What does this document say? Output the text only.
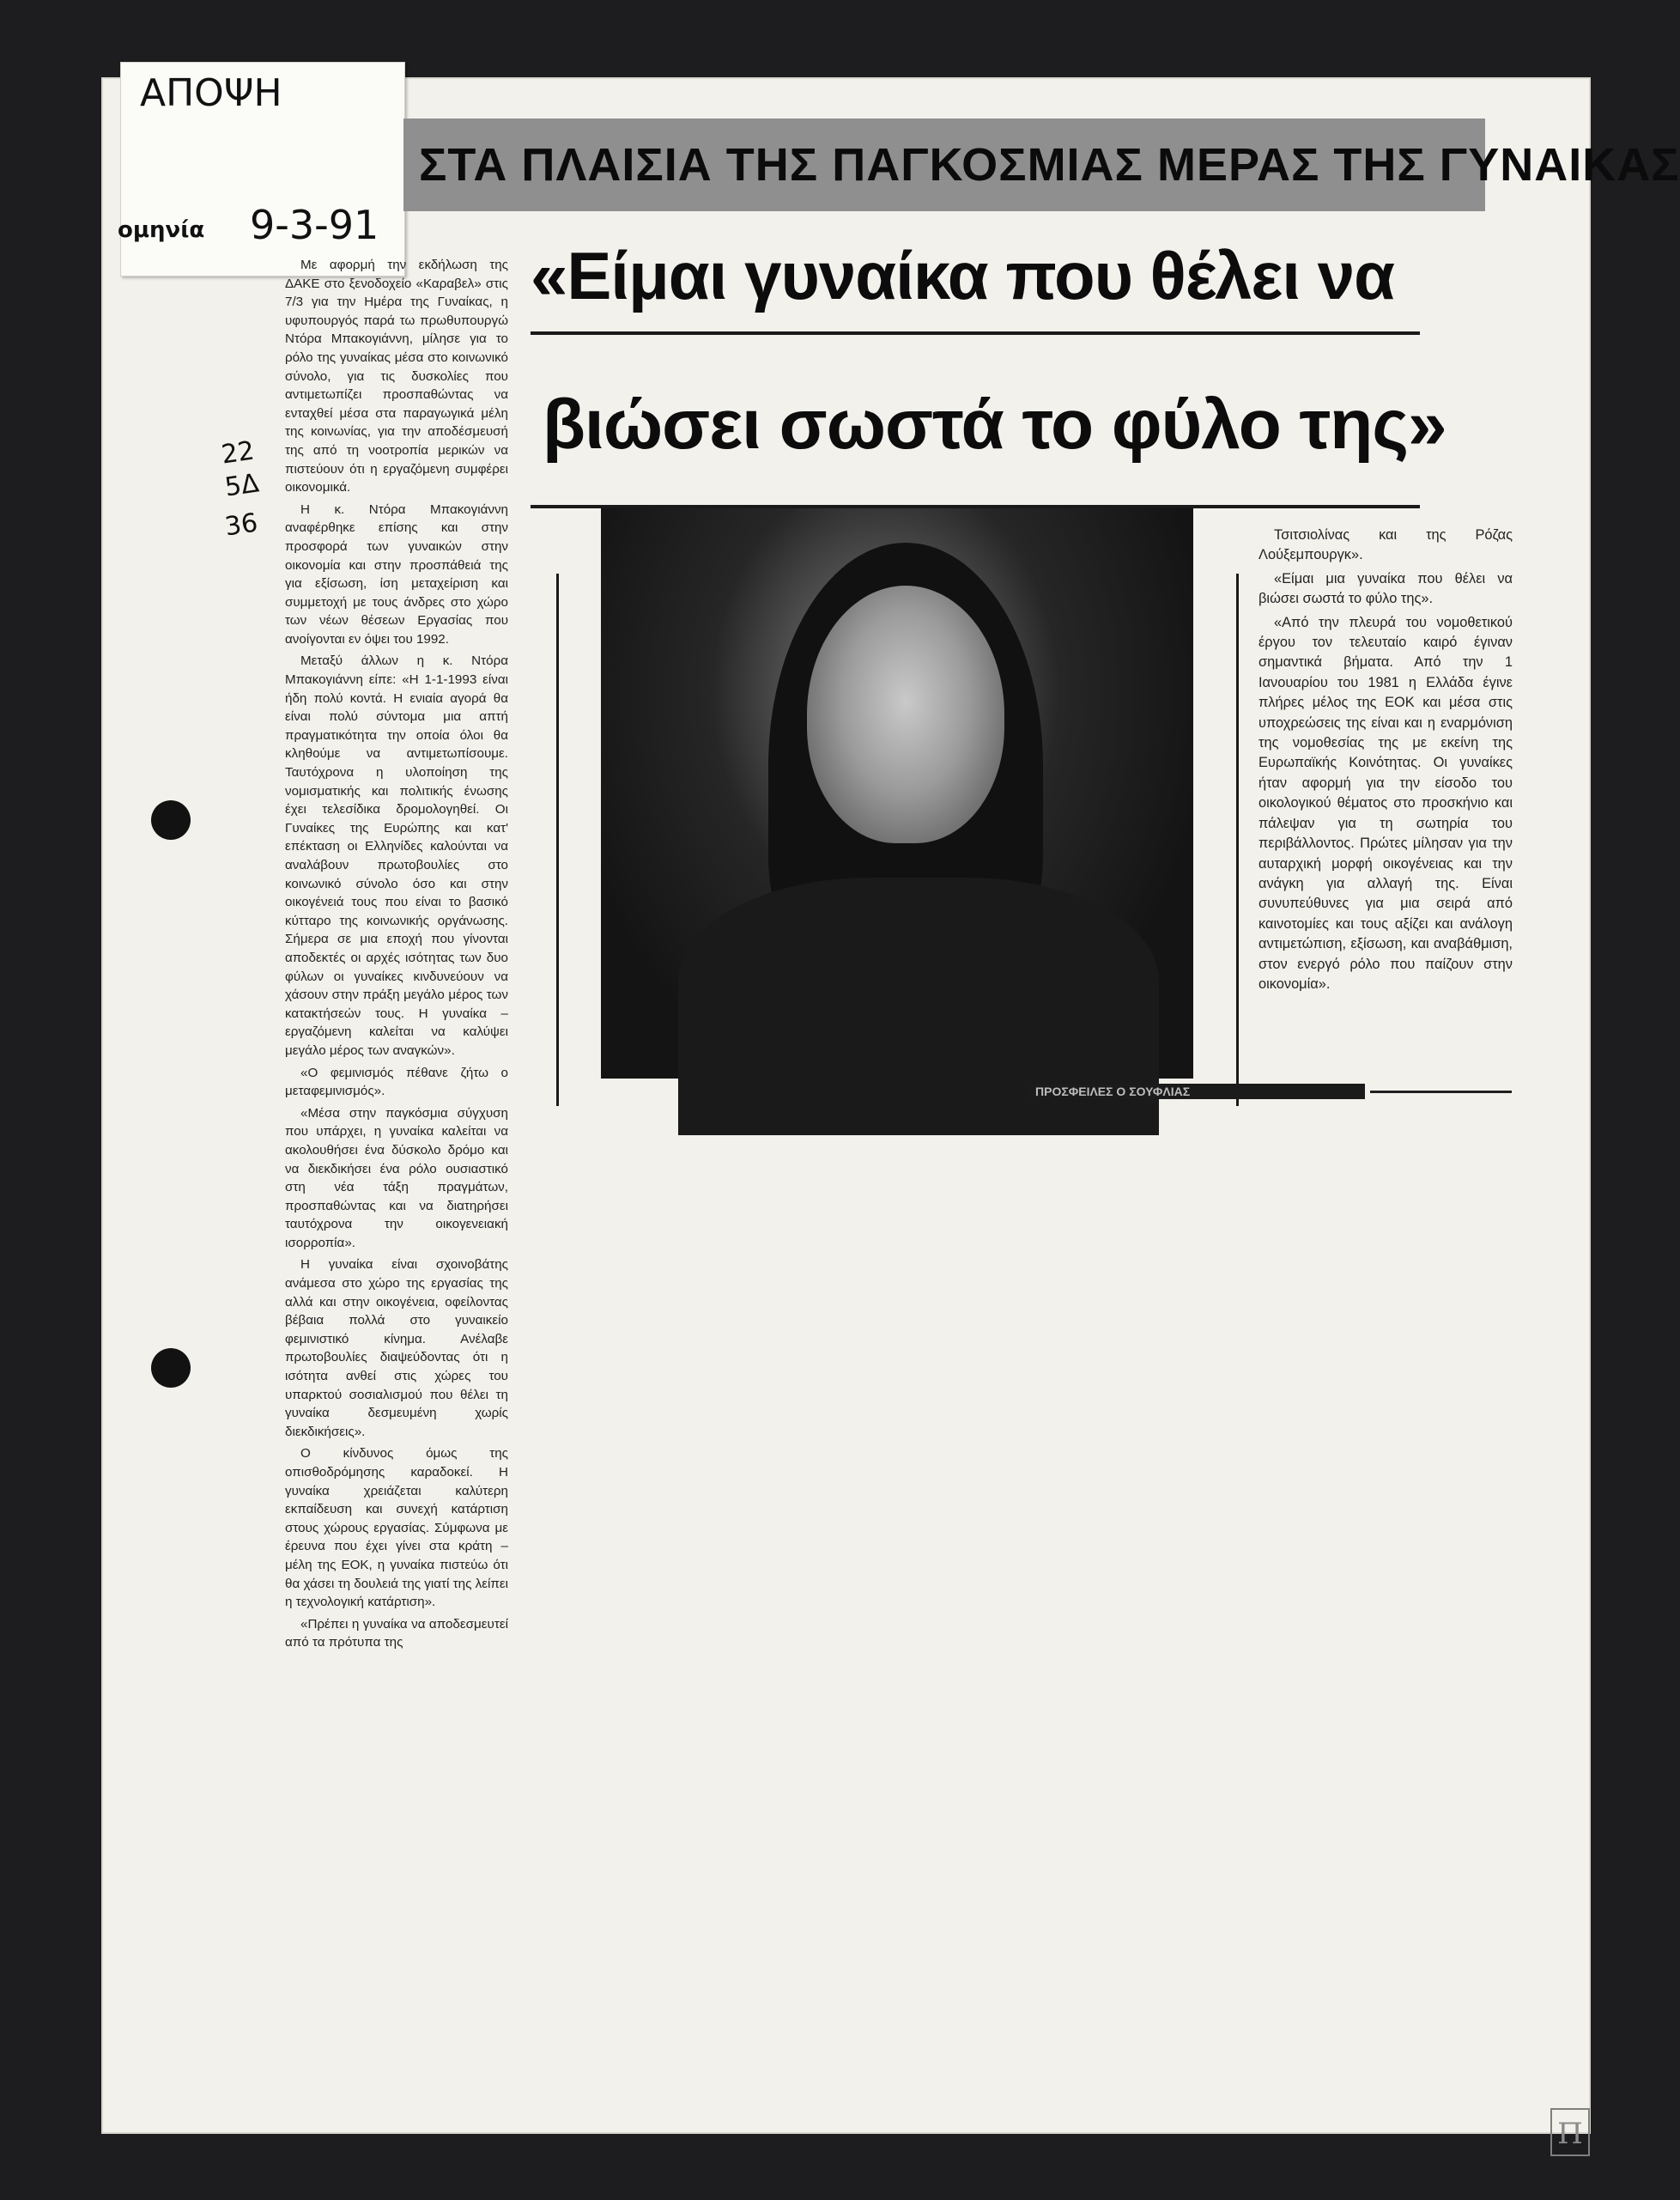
ΑΠΟΨΗ
ομηνία 9-3-91
22
5Δ
36
ΣΤΑ ΠΛΑΙΣΙΑ ΤΗΣ ΠΑΓΚΟΣΜΙΑΣ ΜΕΡΑΣ ΤΗΣ ΓΥΝΑΙΚΑΣ
«Είμαι γυναίκα που θέλει να
βιώσει σωστά το φύλο της»

Με αφορμή την εκδήλωση της ΔΑΚΕ στο ξενοδοχείο «Καραβελ» στις 7/3 για την Ημέρα της Γυναίκας, η υφυπουργός παρά τω πρωθυπουργώ Ντόρα Μπακογιάννη, μίλησε για το ρόλο της γυναίκας μέσα στο κοινωνικό σύνολο, για τις δυσκολίες που αντιμετωπίζει προσπαθώντας να ενταχθεί μέσα στα παραγωγικά μέλη της κοινωνίας, για την αποδέσμευσή της από τη νοοτροπία μερικών να πιστεύουν ότι η εργαζόμενη συμφέρει οικονομικά.

Η κ. Ντόρα Μπακογιάννη αναφέρθηκε επίσης και στην προσφορά των γυναικών στην οικονομία και στην προσπάθειά της για εξίσωση, ίση μεταχείριση και συμμετοχή με τους άνδρες στο χώρο των νέων θέσεων Εργασίας που ανοίγονται εν όψει του 1992.

Μεταξύ άλλων η κ. Ντόρα Μπακογιάννη είπε: «Η 1-1-1993 είναι ήδη πολύ κοντά. Η ενιαία αγορά θα είναι πολύ σύντομα μια απτή πραγματικότητα την οποία όλοι θα κληθούμε να αντιμετωπίσουμε. Ταυτόχρονα η υλοποίηση της νομισματικής και πολιτικής ένωσης έχει τελεσίδικα δρομολογηθεί. Οι Γυναίκες της Ευρώπης και κατ' επέκταση οι Ελληνίδες καλούνται να αναλάβουν πρωτοβουλίες στο κοινωνικό σύνολο όσο και στην οικογένειά τους που είναι το βασικό κύτταρο της κοινωνικής οργάνωσης. Σήμερα σε μια εποχή που γίνονται αποδεκτές οι αρχές ισότητας των δυο φύλων οι γυναίκες κινδυνεύουν να χάσουν στην πράξη μεγάλο μέρος των κατακτήσεών τους. Η γυναίκα – εργαζόμενη καλείται να καλύψει μεγάλο μέρος των αναγκών».

«Ο φεμινισμός πέθανε ζήτω ο μεταφεμινισμός».

«Μέσα στην παγκόσμια σύγχυση που υπάρχει, η γυναίκα καλείται να ακολουθήσει ένα δύσκολο δρόμο και να διεκδικήσει ένα ρόλο ουσιαστικό στη νέα τάξη πραγμάτων, προσπαθώντας και να διατηρήσει ταυτόχρονα την οικογενειακή ισορροπία».

Η γυναίκα είναι σχοινοβάτης ανάμεσα στο χώρο της εργασίας της αλλά και στην οικογένεια, οφείλοντας βέβαια πολλά στο γυναικείο φεμινιστικό κίνημα. Ανέλαβε πρωτοβουλίες διαψεύδοντας ότι η ισότητα ανθεί στις χώρες του υπαρκτού σοσιαλισμού που θέλει τη γυναίκα δεσμευμένη χωρίς διεκδικήσεις».

Ο κίνδυνος όμως της οπισθοδρόμησης καραδοκεί. Η γυναίκα χρειάζεται καλύτερη εκπαίδευση και συνεχή κατάρτιση στους χώρους εργασίας. Σύμφωνα με έρευνα που έχει γίνει στα κράτη – μέλη της ΕΟΚ, η γυναίκα πιστεύω ότι θα χάσει τη δουλειά της γιατί της λείπει η τεχνολογική κατάρτιση».

«Πρέπει η γυναίκα να αποδεσμευτεί από τα πρότυπα της

Τσιτσιολίνας και της Ρόζας Λούξεμπουργκ».

«Είμαι μια γυναίκα που θέλει να βιώσει σωστά το φύλο της».

«Από την πλευρά του νομοθετικού έργου τον τελευταίο καιρό έγιναν σημαντικά βήματα. Από την 1 Ιανουαρίου του 1981 η Ελλάδα έγινε πλήρες μέλος της ΕΟΚ και μέσα στις υποχρεώσεις της είναι και η εναρμόνιση της νομοθεσίας της με εκείνη της Ευρωπαϊκής Κοινότητας. Οι γυναίκες ήταν αφορμή για την είσοδο του οικολογικού θέματος στο προσκήνιο και πάλεψαν για τη σωτηρία του περιβάλλοντος. Πρώτες μίλησαν για την αυταρχική μορφή οικογένειας και την ανάγκη για αλλαγή της. Είναι συνυπεύθυνες για μια σειρά από καινοτομίες και τους αξίζει και ανάλογη αντιμετώπιση, εξίσωση, και αναβάθμιση, στον ενεργό ρόλο που παίζουν στην οικονομία».

ΠΡΟΣΦΕΙΛΕΣ Ο ΣΟΥΦΛΙΑΣ
Π
